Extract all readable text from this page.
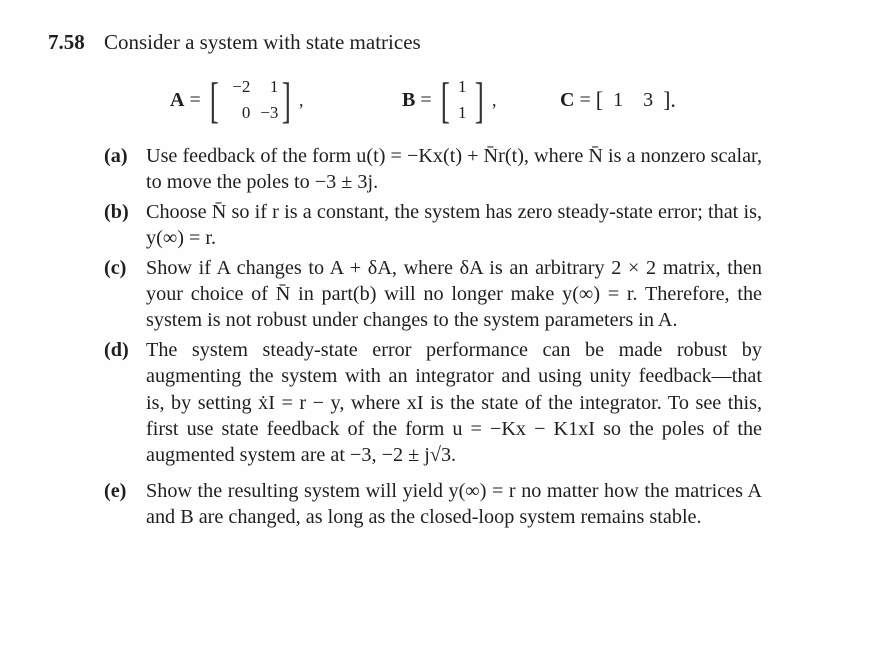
7.58 Consider a system with state matrices
A = [ −2	1
0 −3 ] ,	B = [ 1
1 ] ,	C = [ 1 3 ].
(a) Use feedback of the form u(t) = −Kx(t) + N̄r(t), where N̄ is a nonzero scalar, to move the poles to −3 ± 3j.
(b) Choose N̄ so if r is a constant, the system has zero steady-state error; that is, y(∞) = r.
(c) Show if A changes to A + δA, where δA is an arbitrary 2 × 2 matrix, then your choice of N̄ in part(b) will no longer make y(∞) = r. Therefore, the system is not robust under changes to the system parameters in A.
(d) The system steady-state error performance can be made robust by augmenting the system with an integrator and using unity feedback—that is, by setting ẋI = r − y, where xI is the state of the integrator. To see this, first use state feedback of the form u = −Kx − K1xI so the poles of the augmented system are at −3, −2 ± j√3.
(e) Show the resulting system will yield y(∞) = r no matter how the matrices A and B are changed, as long as the closed-loop system remains stable.
